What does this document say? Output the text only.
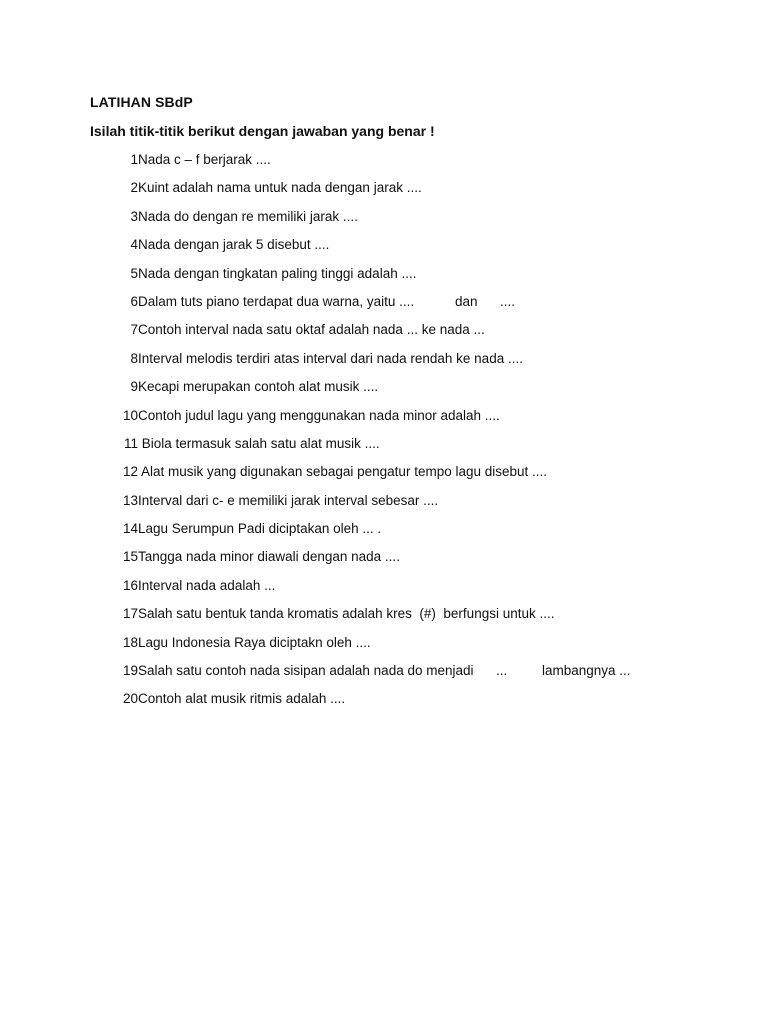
LATIHAN SBdP
Isilah titik-titik berikut dengan jawaban yang benar !
1 Nada c – f berjarak ....
2 Kuint adalah nama untuk nada dengan jarak ....
3 Nada do dengan re memiliki jarak ....
4 Nada dengan jarak 5 disebut ....
5 Nada dengan tingkatan paling tinggi adalah ....
6 Dalam tuts piano terdapat dua warna, yaitu ....	dan ....
7 Contoh interval nada satu oktaf adalah nada ... ke nada ...
8 Interval melodis terdiri atas interval dari nada rendah ke nada ....
9 Kecapi merupakan contoh alat musik ....
10 Contoh judul lagu yang menggunakan nada minor adalah ....
11 Biola termasuk salah satu alat musik ....
12 Alat musik yang digunakan sebagai pengatur tempo lagu disebut ....
13 Interval dari c- e memiliki jarak interval sebesar ....
14 Lagu Serumpun Padi diciptakan oleh ... .
15 Tangga nada minor diawali dengan nada ....
16 Interval nada adalah ...
17 Salah satu bentuk tanda kromatis adalah kres  (#)  berfungsi untuk ....
18 Lagu Indonesia Raya diciptakn oleh ....
19 Salah satu contoh nada sisipan adalah nada do menjadi ...	lambangnya ...
20 Contoh alat musik ritmis adalah ....
